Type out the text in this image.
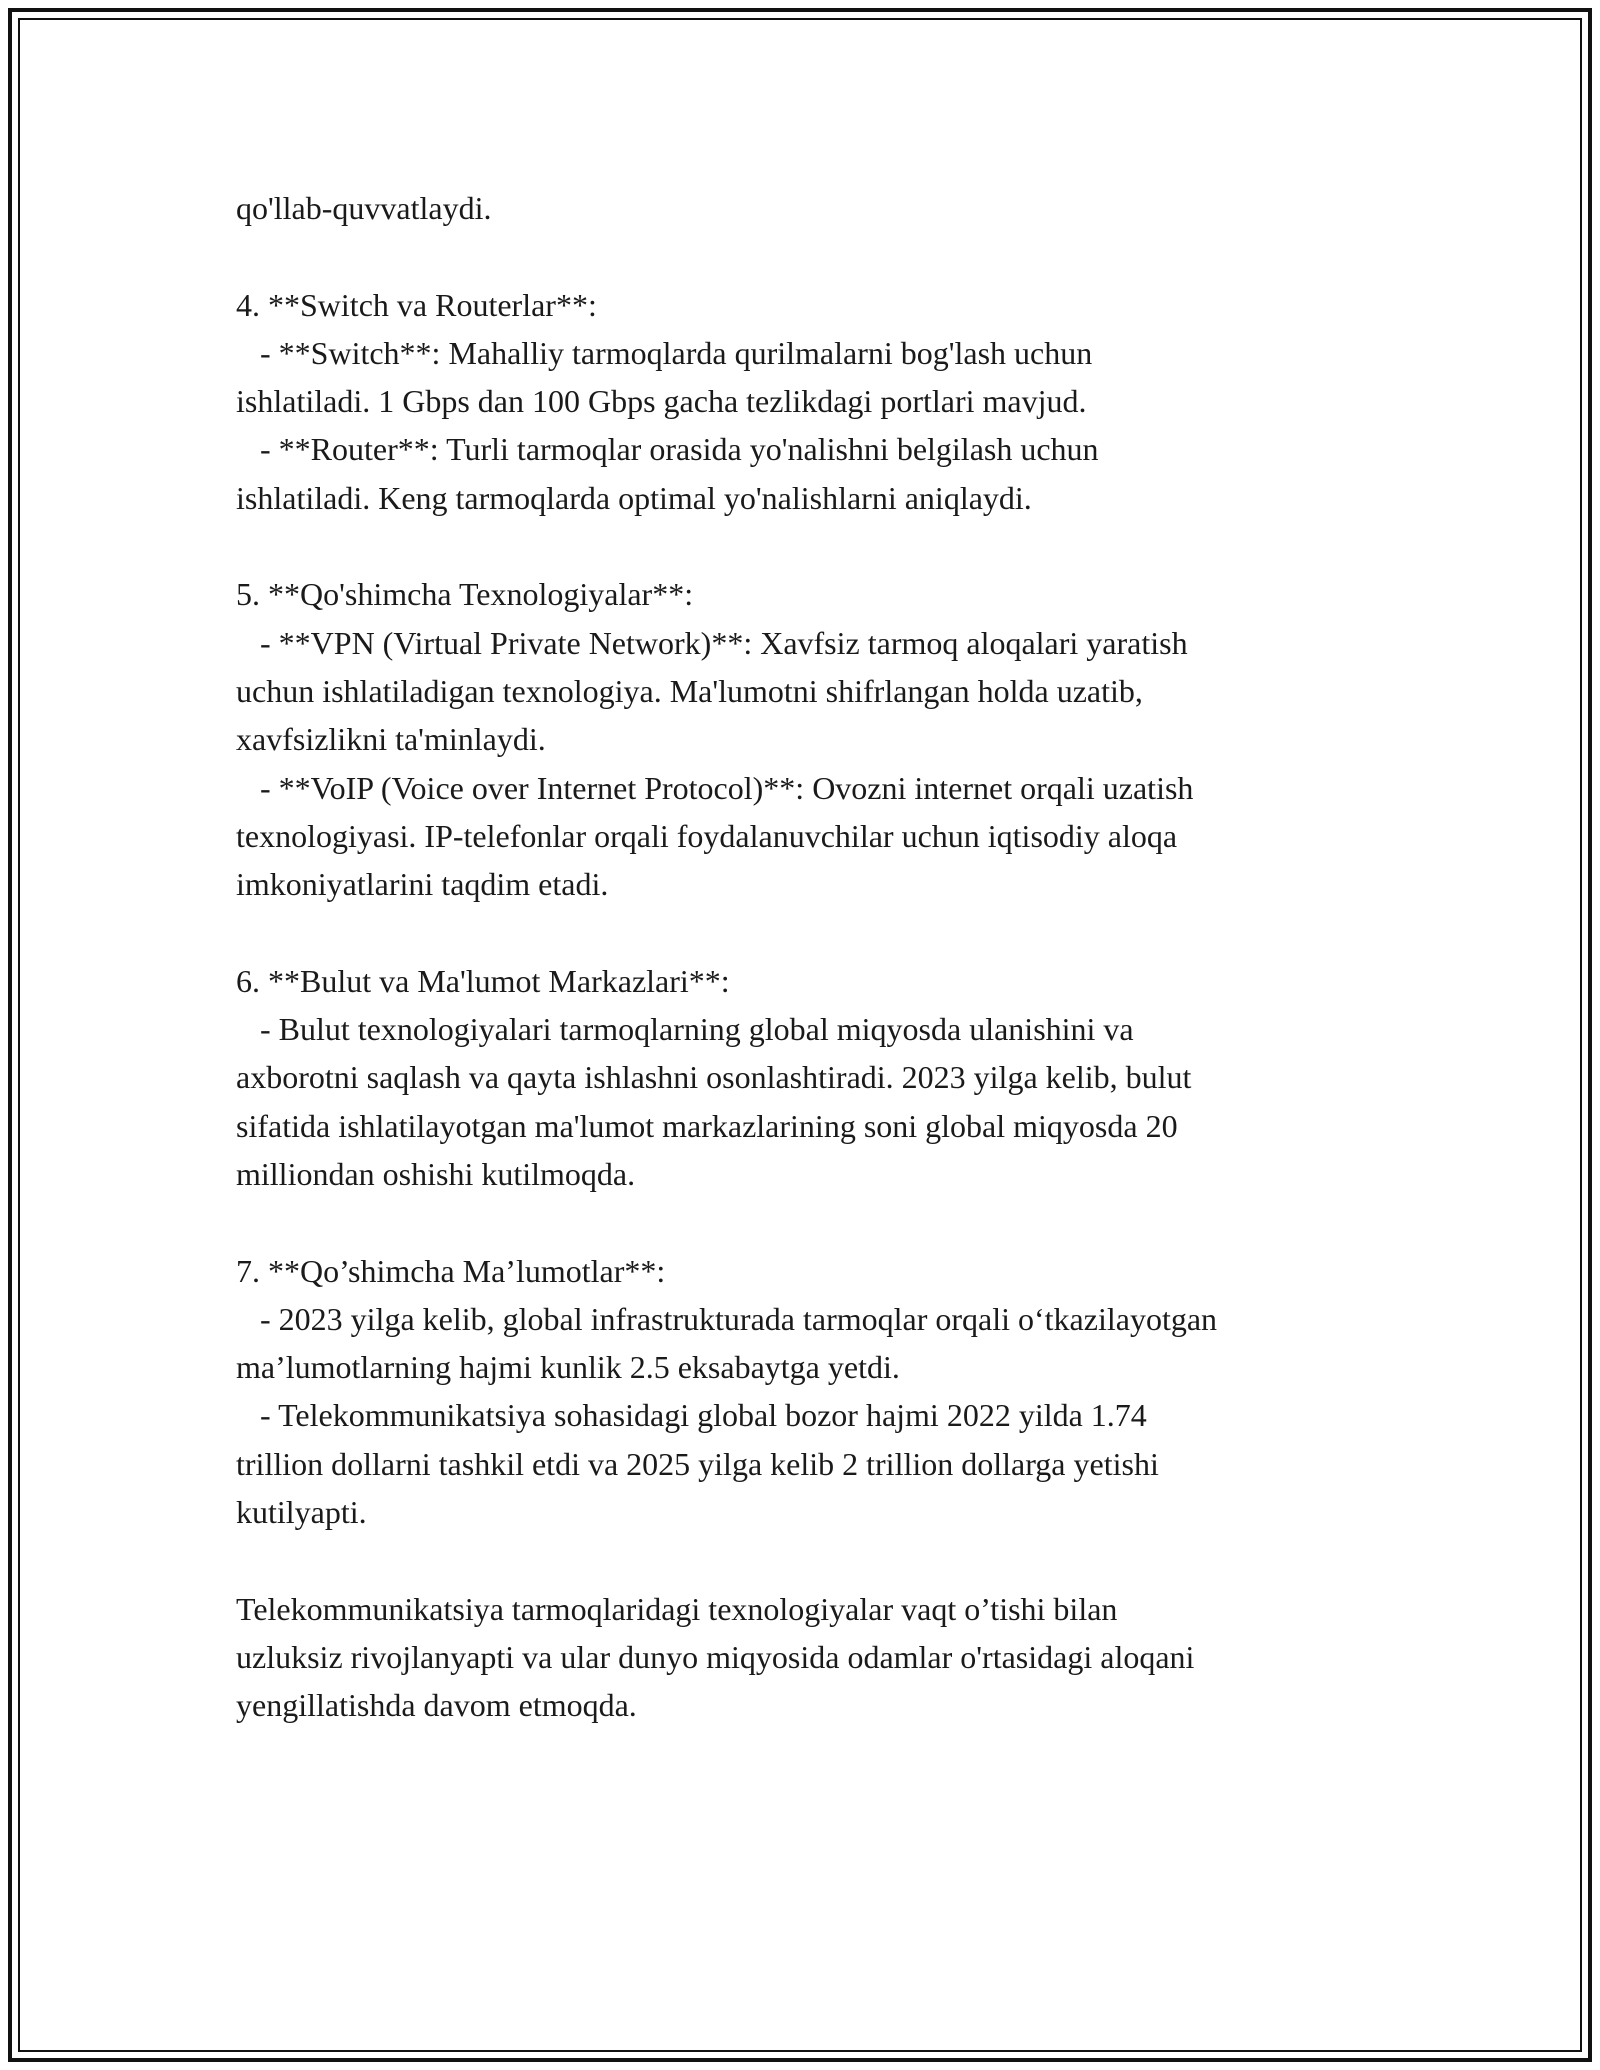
qo'llab-quvvatlaydi.
4. **Switch va Routerlar**:
- **Switch**: Mahalliy tarmoqlarda qurilmalarni bog'lash uchun
ishlatiladi. 1 Gbps dan 100 Gbps gacha tezlikdagi portlari mavjud.
- **Router**: Turli tarmoqlar orasida yo'nalishni belgilash uchun
ishlatiladi. Keng tarmoqlarda optimal yo'nalishlarni aniqlaydi.
5. **Qo'shimcha Texnologiyalar**:
- **VPN (Virtual Private Network)**: Xavfsiz tarmoq aloqalari yaratish
uchun ishlatiladigan texnologiya. Ma'lumotni shifrlangan holda uzatib,
xavfsizlikni ta'minlaydi.
- **VoIP (Voice over Internet Protocol)**: Ovozni internet orqali uzatish
texnologiyasi. IP-telefonlar orqali foydalanuvchilar uchun iqtisodiy aloqa
imkoniyatlarini taqdim etadi.
6. **Bulut va Ma'lumot Markazlari**:
- Bulut texnologiyalari tarmoqlarning global miqyosda ulanishini va
axborotni saqlash va qayta ishlashni osonlashtiradi. 2023 yilga kelib, bulut
sifatida ishlatilayotgan ma'lumot markazlarining soni global miqyosda 20
milliondan oshishi kutilmoqda.
7. **Qo’shimcha Ma’lumotlar**:
- 2023 yilga kelib, global infrastrukturada tarmoqlar orqali o‘tkazilayotgan
ma’lumotlarning hajmi kunlik 2.5 eksabaytga yetdi.
- Telekommunikatsiya sohasidagi global bozor hajmi 2022 yilda 1.74
trillion dollarni tashkil etdi va 2025 yilga kelib 2 trillion dollarga yetishi
kutilyapti.
Telekommunikatsiya tarmoqlaridagi texnologiyalar vaqt o’tishi bilan
uzluksiz rivojlanyapti va ular dunyo miqyosida odamlar o'rtasidagi aloqani
yengillatishda davom etmoqda.
